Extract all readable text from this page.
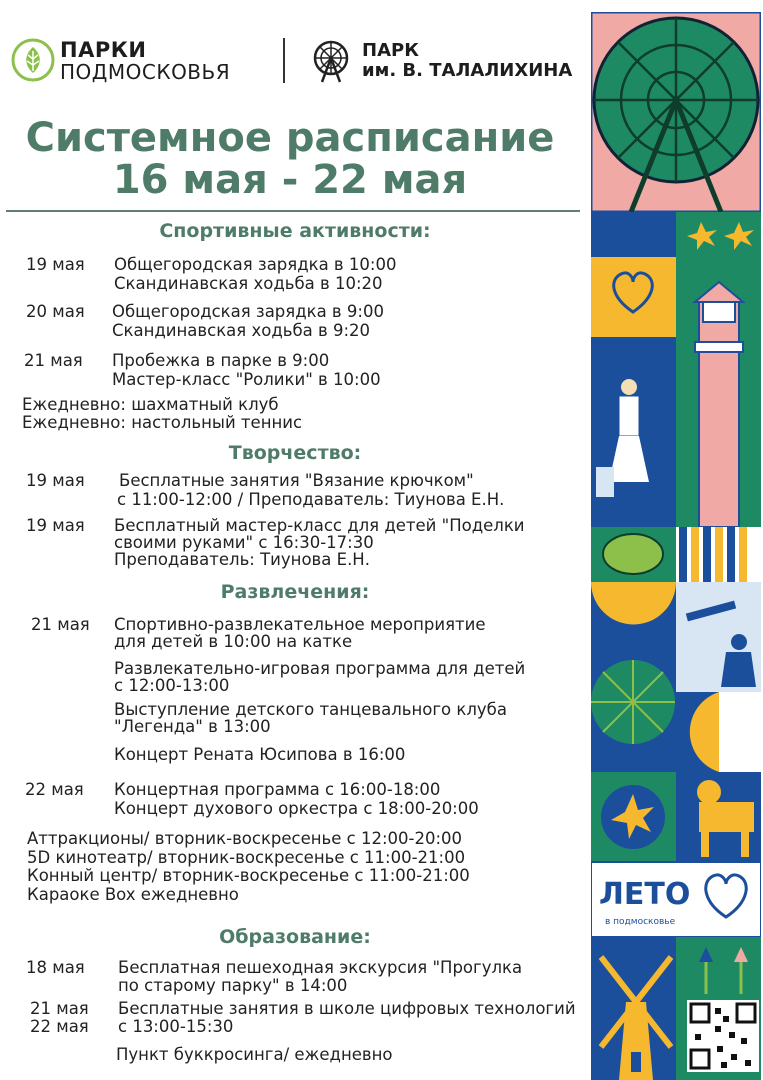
ПАРКИ
ПОДМОСКОВЬЯ
ПАРК
им. В. ТАЛАЛИХИНА
Системное расписание
16 мая - 22 мая
Спортивные активности:
19 мая Общегородская зарядка в 10:00
Скандинавская ходьба в 10:20
20 мая Общегородская зарядка в 9:00
Скандинавская ходьба в 9:20
21 мая Пробежка в парке в 9:00
Мастер-класс "Ролики" в 10:00
Ежедневно: шахматный клуб
Ежедневно: настольный теннис
Творчество:
19 мая Бесплатные занятия "Вязание крючком"
с 11:00-12:00 / Преподаватель: Тиунова Е.Н.
19 мая Бесплатный мастер-класс для детей "Поделки
своими руками" с 16:30-17:30
Преподаватель: Тиунова Е.Н.
Развлечения:
21 мая Спортивно-развлекательное мероприятие
для детей в 10:00 на катке
Развлекательно-игровая программа для детей
с 12:00-13:00
Выступление детского танцевального клуба
"Легенда" в 13:00
Концерт Рената Юсипова в 16:00
22 мая Концертная программа с 16:00-18:00
Концерт духового оркестра с 18:00-20:00
Аттракционы/ вторник-воскресенье с 12:00-20:00
5D кинотеатр/ вторник-воскресенье с 11:00-21:00
Конный центр/ вторник-воскресенье с 11:00-21:00
Караоке Box ежедневно
Образование:
18 мая Бесплатная пешеходная экскурсия "Прогулка
по старому парку" в 14:00
21 мая
22 мая
Бесплатные занятия в школе цифровых технологий
с 13:00-15:30
Пункт буккросинга/ ежедневно
ЛЕТО
в подмосковье
